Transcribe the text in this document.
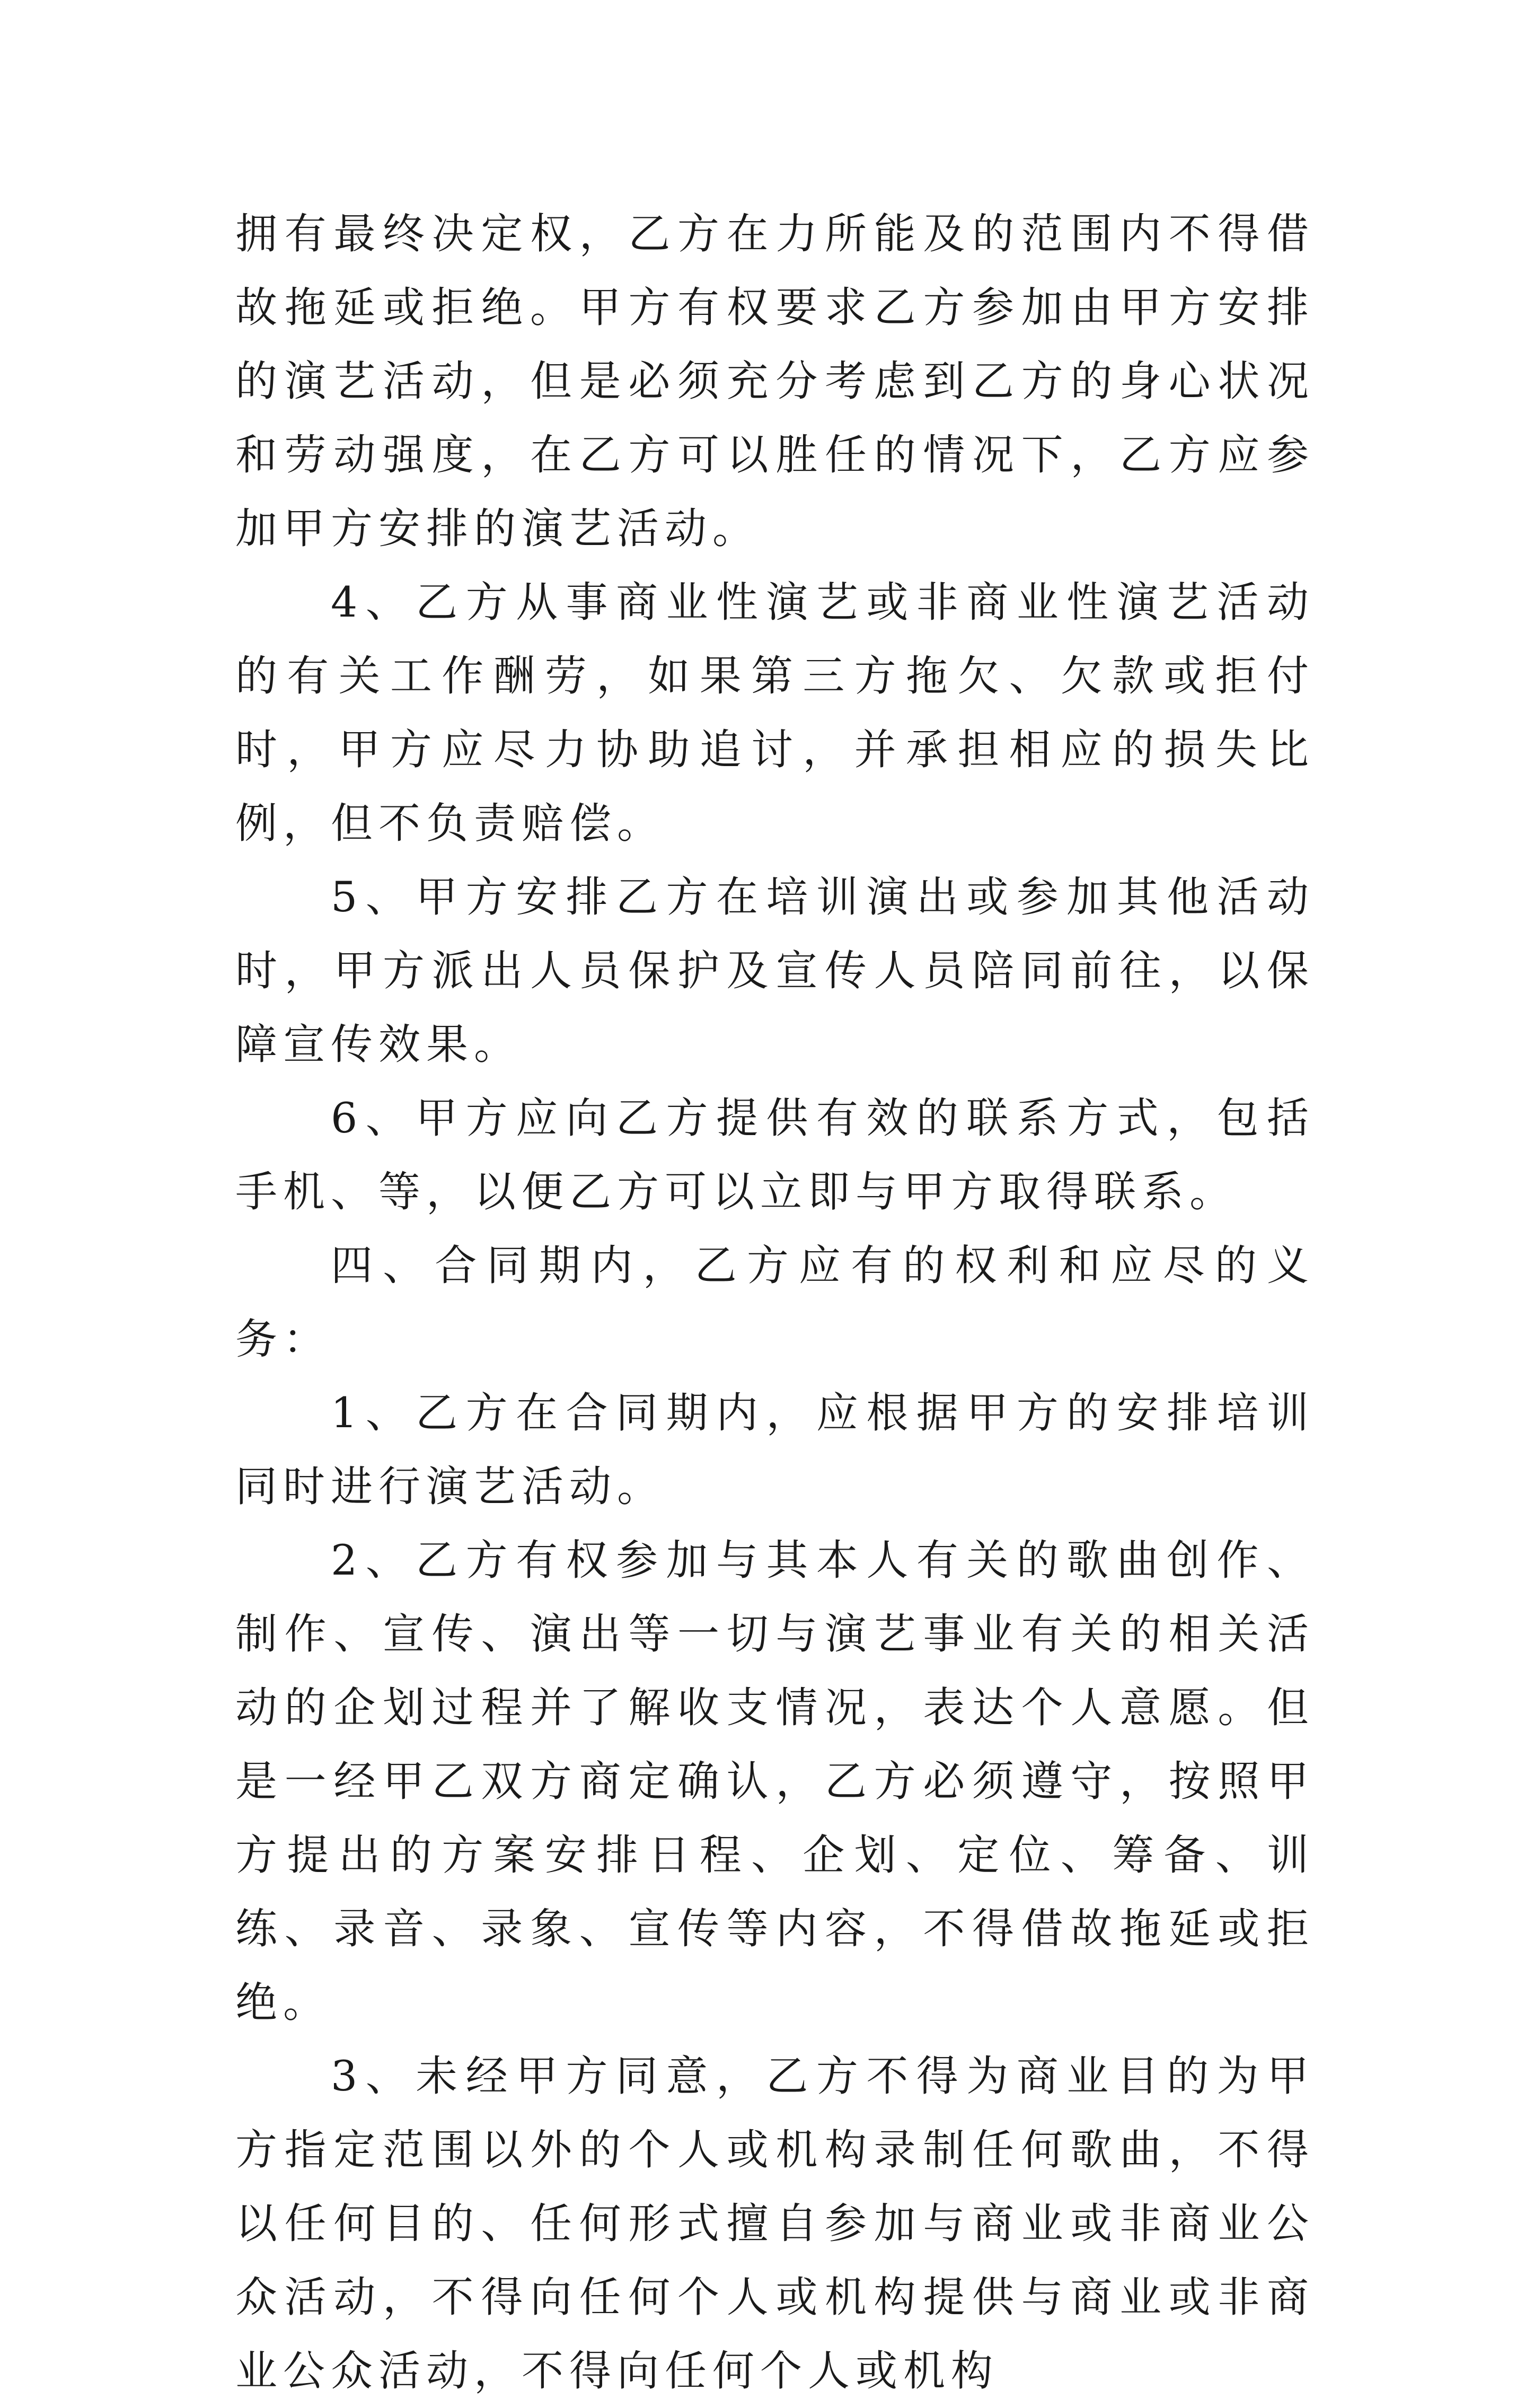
拥有最终决定权，乙方在力所能及的范围内不得借故拖延或拒绝。甲方有权要求乙方参加由甲方安排的演艺活动，但是必须充分考虑到乙方的身心状况和劳动强度，在乙方可以胜任的情况下，乙方应参加甲方安排的演艺活动。

4、乙方从事商业性演艺或非商业性演艺活动的有关工作酬劳，如果第三方拖欠、欠款或拒付时，甲方应尽力协助追讨，并承担相应的损失比例，但不负责赔偿。

5、甲方安排乙方在培训演出或参加其他活动时，甲方派出人员保护及宣传人员陪同前往，以保障宣传效果。

6、甲方应向乙方提供有效的联系方式，包括手机、等，以便乙方可以立即与甲方取得联系。

四、合同期内，乙方应有的权利和应尽的义务：

1、乙方在合同期内，应根据甲方的安排培训同时进行演艺活动。

2、乙方有权参加与其本人有关的歌曲创作、制作、宣传、演出等一切与演艺事业有关的相关活动的企划过程并了解收支情况，表达个人意愿。但是一经甲乙双方商定确认，乙方必须遵守，按照甲方提出的方案安排日程、企划、定位、筹备、训练、录音、录象、宣传等内容，不得借故拖延或拒绝。

3、未经甲方同意，乙方不得为商业目的为甲方指定范围以外的个人或机构录制任何歌曲，不得以任何目的、任何形式擅自参加与商业或非商业公众活动，不得向任何个人或机构提供与商业或非商业公众活动，不得向任何个人或机构
